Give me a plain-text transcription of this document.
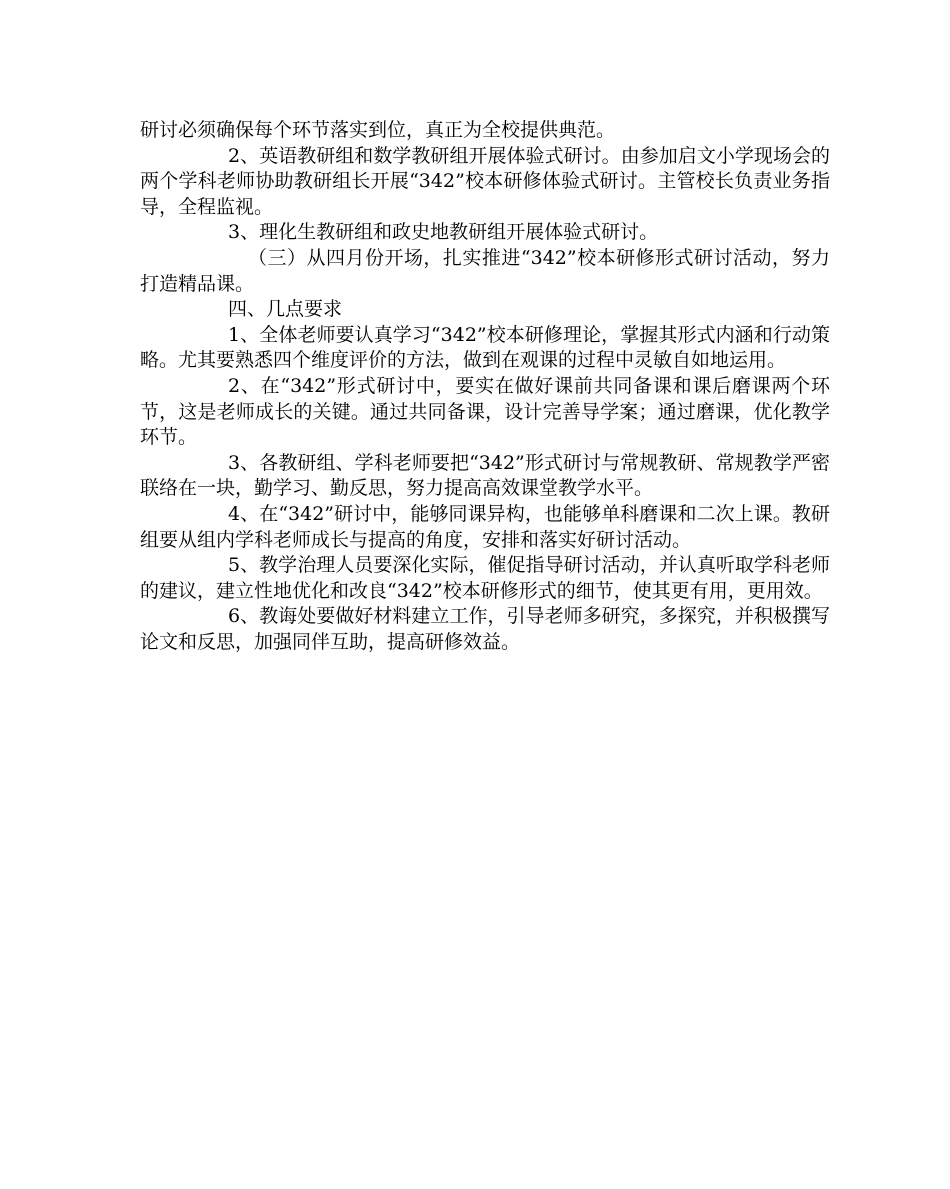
研讨必须确保每个环节落实到位，真正为全校提供典范。

2、英语教研组和数学教研组开展体验式研讨。由参加启文小学现场会的两个学科老师协助教研组长开展“342”校本研修体验式研讨。主管校长负责业务指导，全程监视。

3、理化生教研组和政史地教研组开展体验式研讨。

（三）从四月份开场，扎实推进“342”校本研修形式研讨活动，努力打造精品课。

四、几点要求

1、全体老师要认真学习“342”校本研修理论，掌握其形式内涵和行动策略。尤其要熟悉四个维度评价的方法，做到在观课的过程中灵敏自如地运用。

2、在“342”形式研讨中，要实在做好课前共同备课和课后磨课两个环节，这是老师成长的关键。通过共同备课，设计完善导学案；通过磨课，优化教学环节。

3、各教研组、学科老师要把“342”形式研讨与常规教研、常规教学严密联络在一块，勤学习、勤反思，努力提高高效课堂教学水平。

4、在“342”研讨中，能够同课异构，也能够单科磨课和二次上课。教研组要从组内学科老师成长与提高的角度，安排和落实好研讨活动。

5、教学治理人员要深化实际，催促指导研讨活动，并认真听取学科老师的建议，建立性地优化和改良“342”校本研修形式的细节，使其更有用，更用效。

6、教诲处要做好材料建立工作，引导老师多研究，多探究，并积极撰写论文和反思，加强同伴互助，提高研修效益。
